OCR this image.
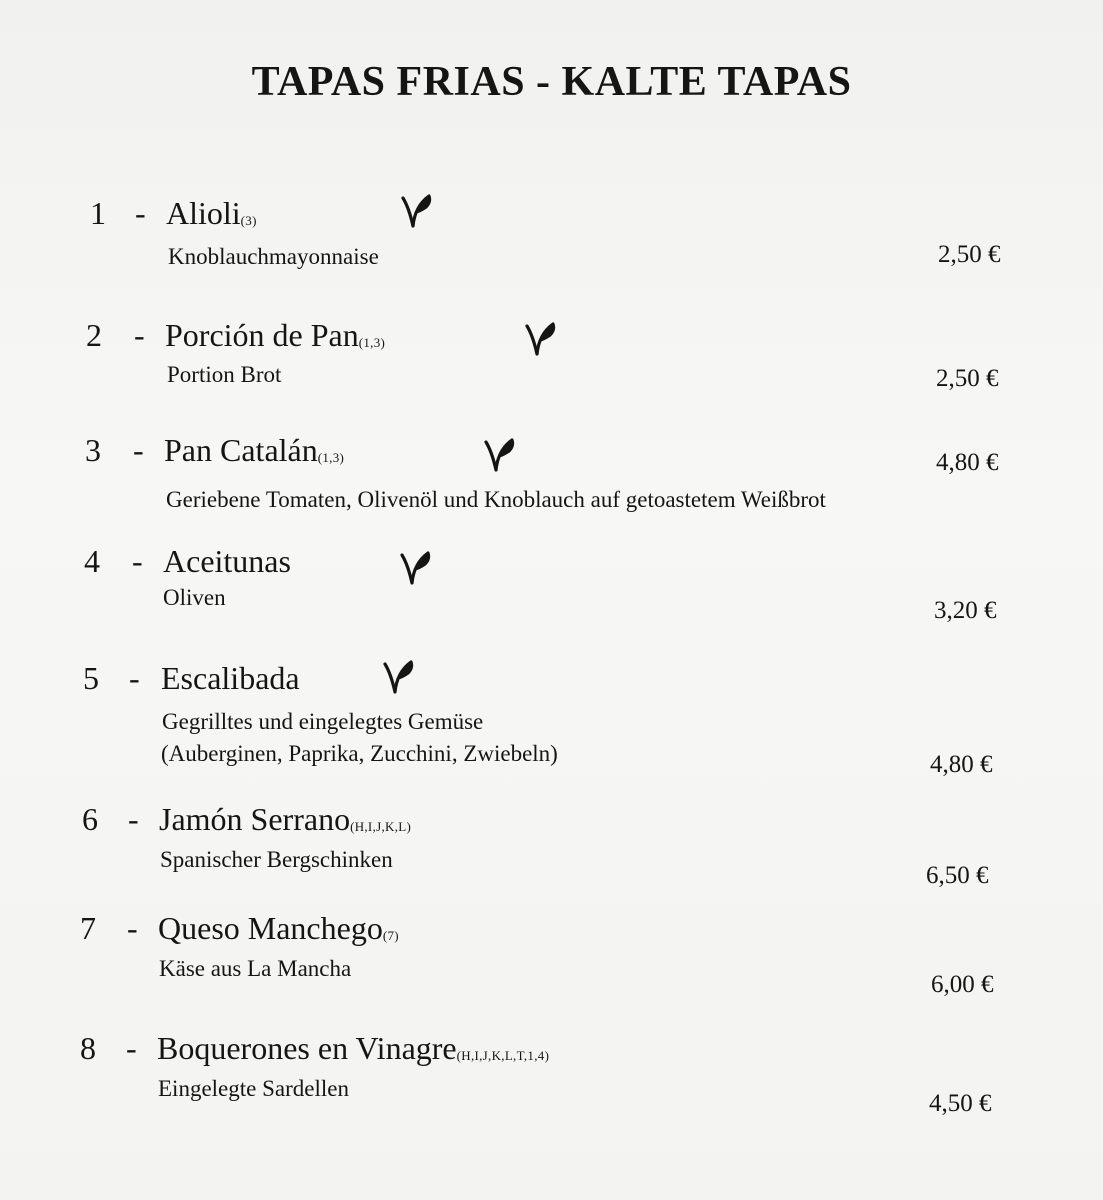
TAPAS FRIAS - KALTE TAPAS
1 - Alioli$_{(3)}$
Knoblauchmayonnaise	2,50 €
2 - Porción de Pan$_{(1,3)}$
Portion Brot	2,50 €
3 - Pan Catalán$_{(1,3)}$	4,80 €
Geriebene Tomaten, Olivenöl und Knoblauch auf getoastetem Weißbrot
4 - Aceitunas
Oliven	3,20 €
5 - Escalibada
Gegrilltes und eingelegtes Gemüse
(Auberginen, Paprika, Zucchini, Zwiebeln)	4,80 €
6 - Jamón Serrano$_{(H,I,J,K,L)}$
Spanischer Bergschinken
6,50 €
7 - Queso Manchego$_{(7)}$
Käse aus La Mancha
6,00 €
8 - Boquerones en Vinagre$_{(H,I,J,K,L,T,1,4)}$
Eingelegte Sardellen
4,50 €
